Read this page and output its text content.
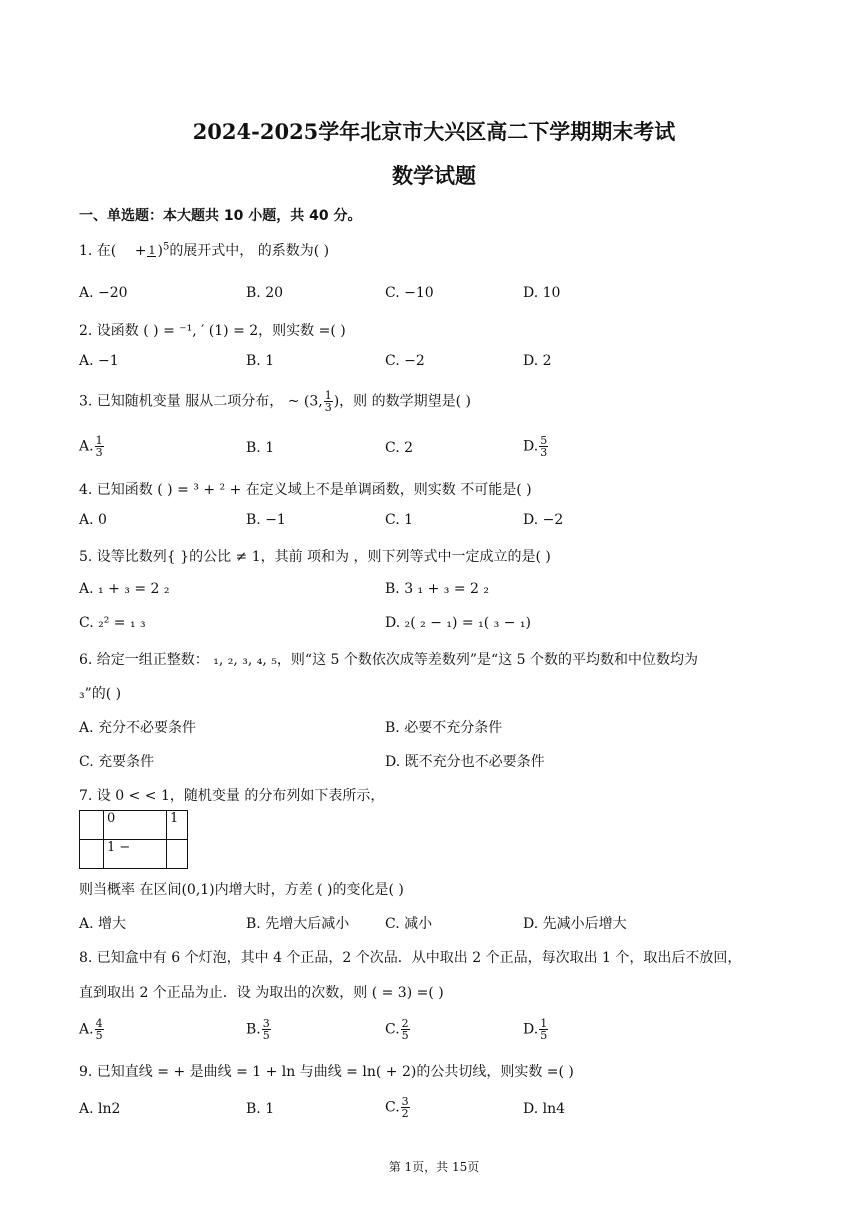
2024-2025学年北京市大兴区高二下学期期末考试
数学试题
一、单选题：本大题共 10 小题，共 40 分。
1. 在( + 1 )$^5$的展开式中， 的系数为( )
A. −20	B. 20	C. −10	D. 10
2. 设函数 ( ) = ⁻¹, ′ (1) = 2，则实数 =( )
A. −1	B. 1	C. −2	D. 2
3. 已知随机变量 服从二项分布， ~ (3, $\frac{1}{3}$ )，则 的数学期望是( )
A. $\frac{1}{3}$	B. 1	C. 2	D. $\frac{5}{3}$
4. 已知函数 ( ) = ³ + ² + 在定义域上不是单调函数，则实数 不可能是( )
A. 0	B. −1	C. 1	D. −2
5. 设等比数列{ }的公比 ≠ 1，其前 项和为 ，则下列等式中一定成立的是( )
A. ₁ + ₃ = 2 ₂	B. 3 ₁ + ₃ = 2 ₂
C. ₂² = ₁ ₃	D. ₂( ₂ − ₁) = ₁( ₃ − ₁)
6. 给定一组正整数： ₁, ₂, ₃, ₄, ₅，则“这 5 个数依次成等差数列”是“这 5 个数的平均数和中位数均为
₃”的( )
A. 充分不必要条件	B. 必要不充分条件
C. 充要条件	D. 既不充分也不必要条件
7. 设 0 < < 1，随机变量 的分布列如下表所示，
	0	1
	1 −	
则当概率 在区间(0,1)内增大时，方差 ( )的变化是( )
A. 增大	B. 先增大后减小	C. 减小	D. 先减小后增大
8. 已知盒中有 6 个灯泡，其中 4 个正品，2 个次品．从中取出 2 个正品，每次取出 1 个，取出后不放回，
直到取出 2 个正品为止．设 为取出的次数，则 ( = 3) =( )
A. $\frac{4}{5}$	B. $\frac{3}{5}$	C. $\frac{2}{5}$	D. $\frac{1}{5}$
9. 已知直线 = + 是曲线 = 1 + ln 与曲线 = ln( + 2)的公共切线，则实数 =( )
A. ln2	B. 1	C. $\frac{3}{2}$	D. ln4
第 1页，共 15页
